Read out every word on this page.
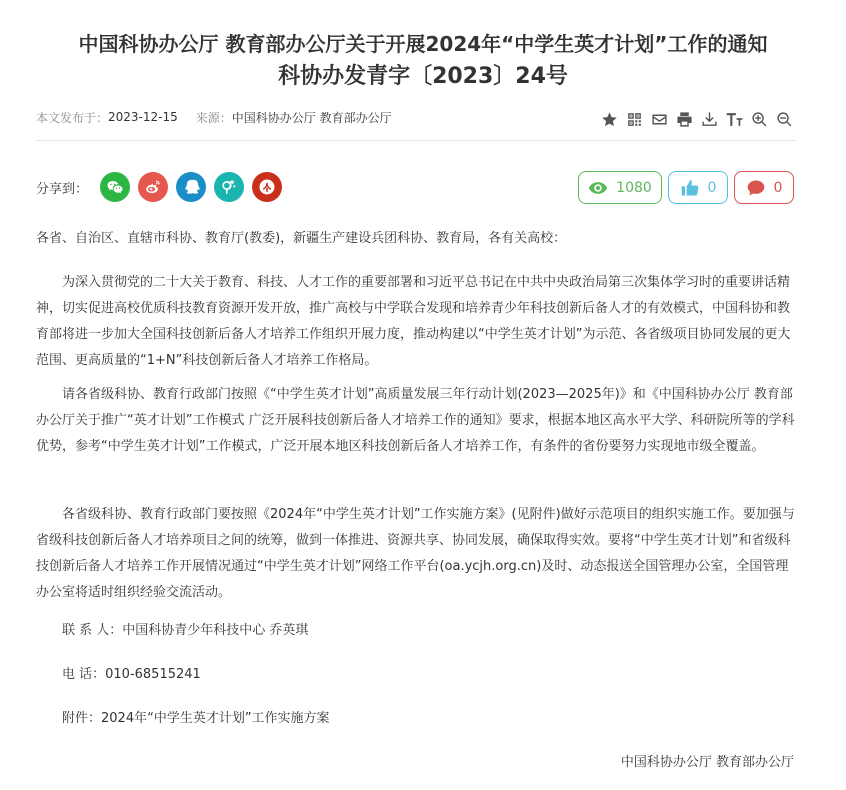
中国科协办公厅 教育部办公厅关于开展2024年“中学生英才计划”工作的通知
科协办发青字〔2023〕24号
本文发布于： 2023-12-15 来源： 中国科协办公厅 教育部办公厅
分享到：	1080	0	0

各省、自治区、直辖市科协、教育厅(教委)，新疆生产建设兵团科协、教育局，各有关高校：

为深入贯彻党的二十大关于教育、科技、人才工作的重要部署和习近平总书记在中共中央政治局第三次集体学习时的重要讲话精神，切实促进高校优质科技教育资源开发开放，推广高校与中学联合发现和培养青少年科技创新后备人才的有效模式，中国科协和教育部将进一步加大全国科技创新后备人才培养工作组织开展力度，推动构建以“中学生英才计划”为示范、各省级项目协同发展的更大范围、更高质量的“1+N”科技创新后备人才培养工作格局。

请各省级科协、教育行政部门按照《“中学生英才计划”高质量发展三年行动计划(2023—2025年)》和《中国科协办公厅 教育部办公厅关于推广“英才计划”工作模式 广泛开展科技创新后备人才培养工作的通知》要求，根据本地区高水平大学、科研院所等的学科优势，参考“中学生英才计划”工作模式，广泛开展本地区科技创新后备人才培养工作，有条件的省份要努力实现地市级全覆盖。

各省级科协、教育行政部门要按照《2024年“中学生英才计划”工作实施方案》(见附件)做好示范项目的组织实施工作。要加强与省级科技创新后备人才培养项目之间的统筹，做到一体推进、资源共享、协同发展，确保取得实效。要将“中学生英才计划”和省级科技创新后备人才培养工作开展情况通过“中学生英才计划”网络工作平台(oa.ycjh.org.cn)及时、动态报送全国管理办公室，全国管理办公室将适时组织经验交流活动。

联 系 人：中国科协青少年科技中心 乔英琪

电 话：010-68515241

附件：2024年“中学生英才计划”工作实施方案

中国科协办公厅 教育部办公厅
